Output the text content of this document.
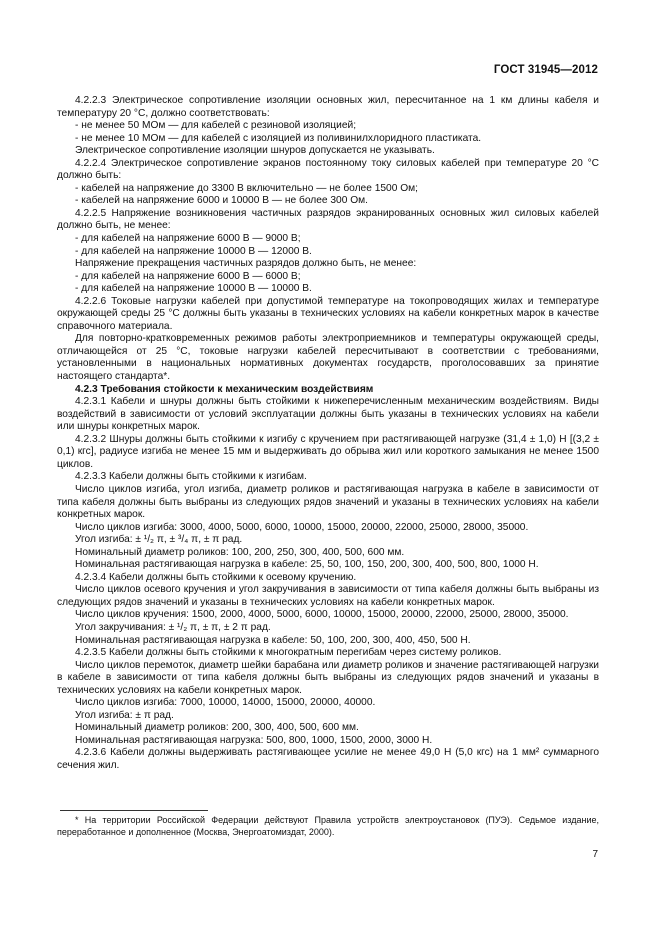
ГОСТ 31945—2012

4.2.2.3 Электрическое сопротивление изоляции основных жил, пересчитанное на 1 км длины кабеля и температуру 20 °С, должно соответствовать:

- не менее 50 МОм — для кабелей с резиновой изоляцией;

- не менее 10 МОм — для кабелей с изоляцией из поливинилхлоридного пластиката.

Электрическое сопротивление изоляции шнуров допускается не указывать.

4.2.2.4 Электрическое сопротивление экранов постоянному току силовых кабелей при температуре 20 °С должно быть:

- кабелей на напряжение до 3300 В включительно — не более 1500 Ом;

- кабелей на напряжение 6000 и 10000 В — не более 300 Ом.

4.2.2.5 Напряжение возникновения частичных разрядов экранированных основных жил силовых кабелей должно быть, не менее:

- для кабелей на напряжение 6000 В — 9000 В;

- для кабелей на напряжение 10000 В — 12000 В.

Напряжение прекращения частичных разрядов должно быть, не менее:

- для кабелей на напряжение 6000 В — 6000 В;

- для кабелей на напряжение 10000 В — 10000 В.

4.2.2.6 Токовые нагрузки кабелей при допустимой температуре на токопроводящих жилах и температуре окружающей среды 25 °С должны быть указаны в технических условиях на кабели конкретных марок в качестве справочного материала.

Для повторно-кратковременных режимов работы электроприемников и температуры окружающей среды, отличающейся от 25 °С, токовые нагрузки кабелей пересчитывают в соответствии с требованиями, установленными в национальных нормативных документах государств, проголосовавших за принятие настоящего стандарта*.

4.2.3 Требования стойкости к механическим воздействиям

4.2.3.1 Кабели и шнуры должны быть стойкими к нижеперечисленным механическим воздействиям. Виды воздействий в зависимости от условий эксплуатации должны быть указаны в технических условиях на кабели или шнуры конкретных марок.

4.2.3.2 Шнуры должны быть стойкими к изгибу с кручением при растягивающей нагрузке (31,4 ± 1,0) Н [(3,2 ± 0,1) кгс], радиусе изгиба не менее 15 мм и выдерживать до обрыва жил или короткого замыкания не менее 1500 циклов.

4.2.3.3 Кабели должны быть стойкими к изгибам.

Число циклов изгиба, угол изгиба, диаметр роликов и растягивающая нагрузка в кабеле в зависимости от типа кабеля должны быть выбраны из следующих рядов значений и указаны в технических условиях на кабели конкретных марок.

Число циклов изгиба: 3000, 4000, 5000, 6000, 10000, 15000, 20000, 22000, 25000, 28000, 35000.

Угол изгиба: ± ¹/₂ π, ± ³/₄ π, ± π рад.

Номинальный диаметр роликов: 100, 200, 250, 300, 400, 500, 600 мм.

Номинальная растягивающая нагрузка в кабеле: 25, 50, 100, 150, 200, 300, 400, 500, 800, 1000 Н.

4.2.3.4 Кабели должны быть стойкими к осевому кручению.

Число циклов осевого кручения и угол закручивания в зависимости от типа кабеля должны быть выбраны из следующих рядов значений и указаны в технических условиях на кабели конкретных марок.

Число циклов кручения: 1500, 2000, 4000, 5000, 6000, 10000, 15000, 20000, 22000, 25000, 28000, 35000.

Угол закручивания: ± ¹/₂ π, ± π, ± 2 π рад.

Номинальная растягивающая нагрузка в кабеле: 50, 100, 200, 300, 400, 450, 500 Н.

4.2.3.5 Кабели должны быть стойкими к многократным перегибам через систему роликов.

Число циклов перемоток, диаметр шейки барабана или диаметр роликов и значение растягивающей нагрузки в кабеле в зависимости от типа кабеля должны быть выбраны из следующих рядов значений и указаны в технических условиях на кабели конкретных марок.

Число циклов изгиба: 7000, 10000, 14000, 15000, 20000, 40000.

Угол изгиба: ± π рад.

Номинальный диаметр роликов: 200, 300, 400, 500, 600 мм.

Номинальная растягивающая нагрузка: 500, 800, 1000, 1500, 2000, 3000 Н.

4.2.3.6 Кабели должны выдерживать растягивающее усилие не менее 49,0 Н (5,0 кгс) на 1 мм² суммарного сечения жил.

* На территории Российской Федерации действуют Правила устройств электроустановок (ПУЭ). Седьмое издание, переработанное и дополненное (Москва, Энергоатомиздат, 2000).

7
